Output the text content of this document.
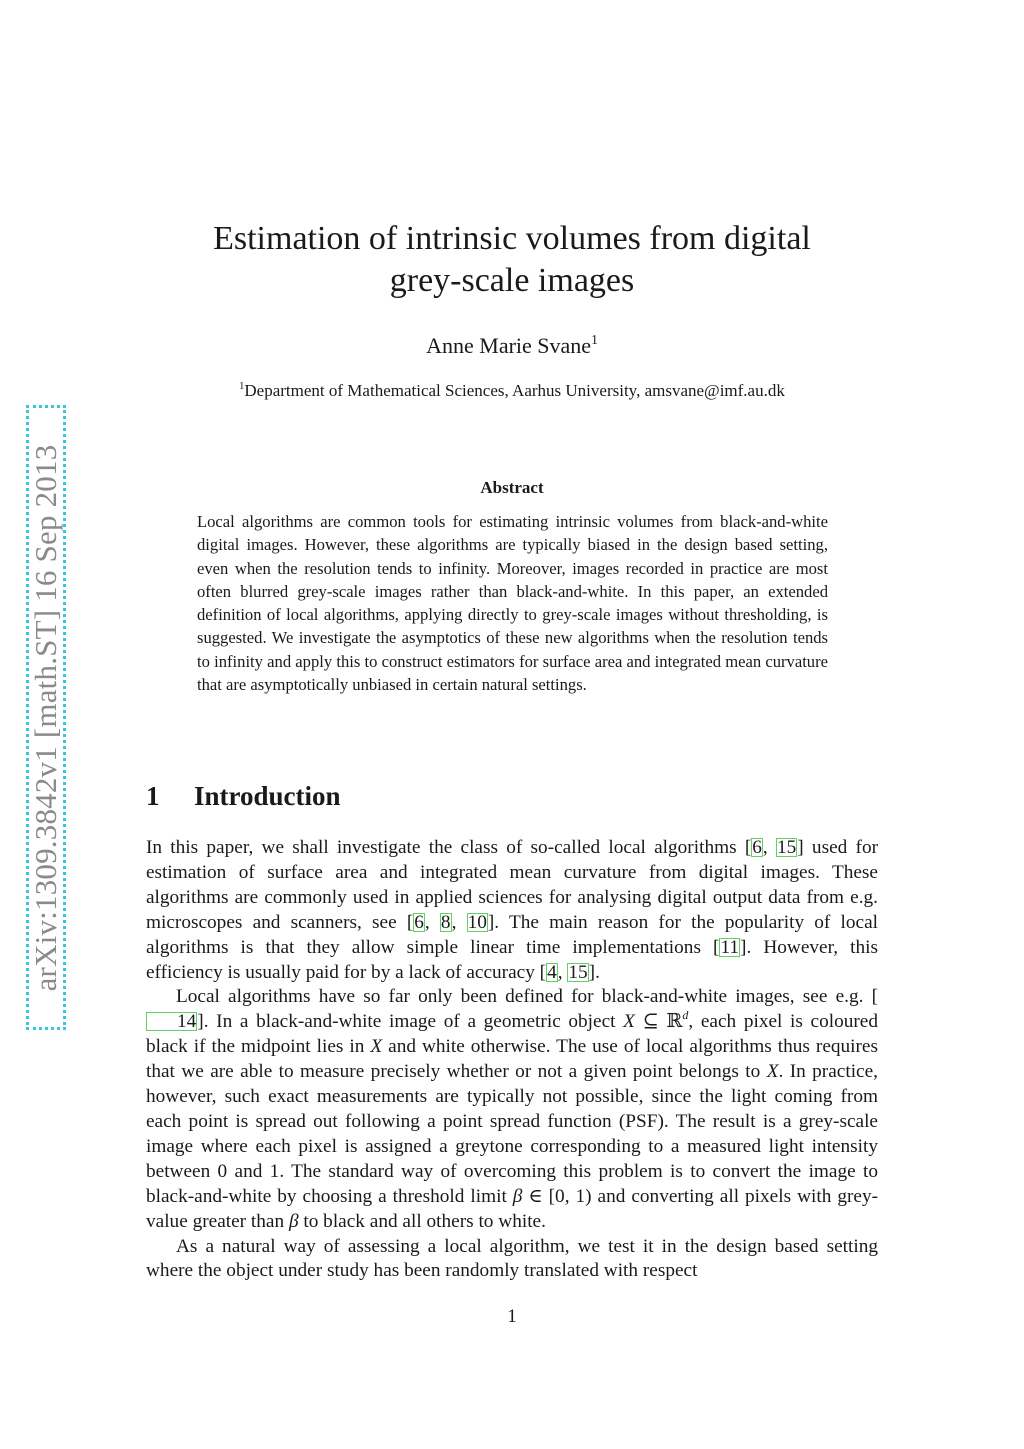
arXiv:1309.3842v1 [math.ST] 16 Sep 2013
Estimation of intrinsic volumes from digital
grey-scale images
Anne Marie Svane$^1$
$^1$Department of Mathematical Sciences, Aarhus University, amsvane@imf.au.dk
Abstract
Local algorithms are common tools for estimating intrinsic volumes from black-and-white digital images. However, these algorithms are typically biased in the design based setting, even when the resolution tends to infinity. Moreover, images recorded in practice are most often blurred grey-scale images rather than black-and-white. In this paper, an extended definition of local algorithms, applying directly to grey-scale images without thresholding, is suggested. We investigate the asymptotics of these new algorithms when the resolution tends to infinity and apply this to construct estimators for surface area and integrated mean curvature that are asymptotically unbiased in certain natural settings.
1 Introduction

In this paper, we shall investigate the class of so-called local algorithms [6, 15] used for estimation of surface area and integrated mean curvature from digital images. These algorithms are commonly used in applied sciences for analysing digital output data from e.g. microscopes and scanners, see [6, 8, 10]. The main reason for the popularity of local algorithms is that they allow simple linear time implementations [11]. However, this efficiency is usually paid for by a lack of accuracy [4, 15].

Local algorithms have so far only been defined for black-and-white images, see e.g. [14]. In a black-and-white image of a geometric object X ⊆ ℝ$^d$, each pixel is coloured black if the midpoint lies in X and white otherwise. The use of local algorithms thus requires that we are able to measure precisely whether or not a given point belongs to X. In practice, however, such exact measurements are typically not possible, since the light coming from each point is spread out following a point spread function (PSF). The result is a grey-scale image where each pixel is assigned a greytone corresponding to a measured light intensity between 0 and 1. The standard way of overcoming this problem is to convert the image to black-and-white by choosing a threshold limit β ∈ [0, 1) and converting all pixels with grey-value greater than β to black and all others to white.

As a natural way of assessing a local algorithm, we test it in the design based setting where the object under study has been randomly translated with respect

1
